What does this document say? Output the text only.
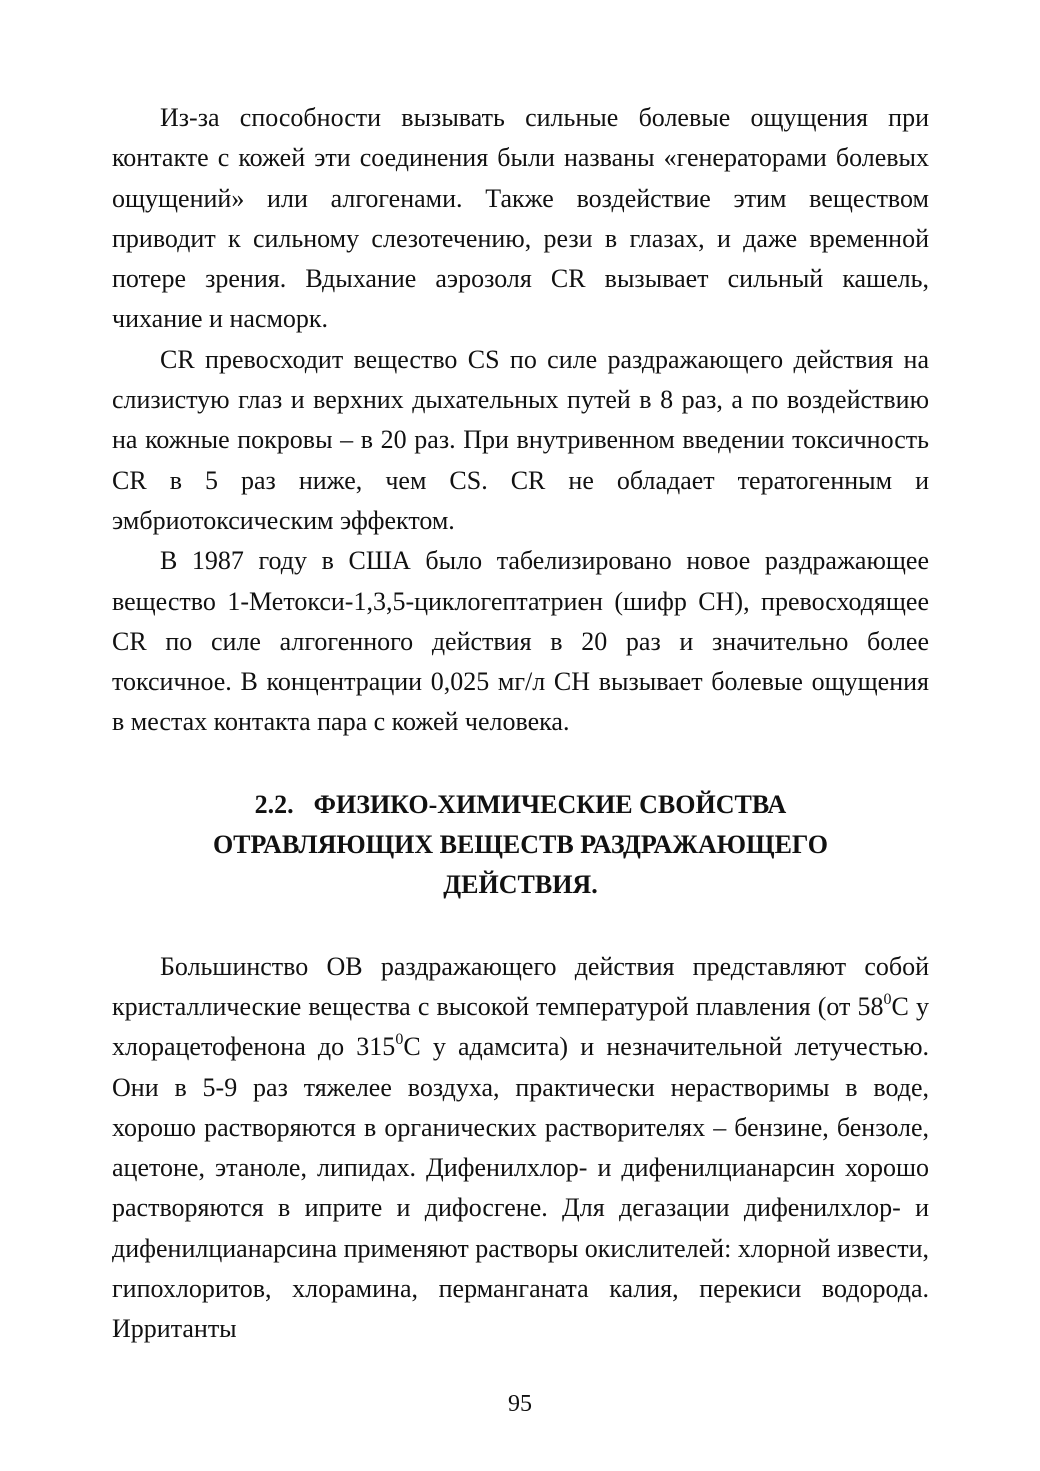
Из-за способности вызывать сильные болевые ощущения при контакте с кожей эти соединения были названы «генераторами болевых ощущений» или алгогенами. Также воздействие этим веществом приводит к сильному слезотечению, рези в глазах, и даже временной потере зрения. Вдыхание аэрозоля CR вызывает сильный кашель, чихание и насморк.

CR превосходит вещество CS по силе раздражающего действия на слизистую глаз и верхних дыхательных путей в 8 раз, а по воздействию на кожные покровы – в 20 раз. При внутривенном введении токсичность CR в 5 раз ниже, чем CS. CR не обладает тератогенным и эмбриотоксическим эффектом.

В 1987 году в США было табелизировано новое раздражающее вещество 1-Метокси-1,3,5-циклогептатриен (шифр CH), превосходящее CR по силе алгогенного действия в 20 раз и значительно более токсичное. В концентрации 0,025 мг/л CH вызывает болевые ощущения в местах контакта пара с кожей человека.

2.2. ФИЗИКО-ХИМИЧЕСКИЕ СВОЙСТВА
ОТРАВЛЯЮЩИХ ВЕЩЕСТВ РАЗДРАЖАЮЩЕГО
ДЕЙСТВИЯ.

Большинство ОВ раздражающего действия представляют собой кристаллические вещества с высокой температурой плавления (от $58^0С$ у хлорацетофенона до $315^0С$ у адамсита) и незначительной летучестью. Они в 5-9 раз тяжелее воздуха, практически нерастворимы в воде, хорошо растворяются в органических растворителях – бензине, бензоле, ацетоне, этаноле, липидах. Дифенилхлор- и дифенилцианарсин хорошо растворяются в иприте и дифосгене. Для дегазации дифенилхлор- и дифенилцианарсина применяют растворы окислителей: хлорной извести, гипохлоритов, хлорамина, перманганата калия, перекиси водорода. Ирританты

95
